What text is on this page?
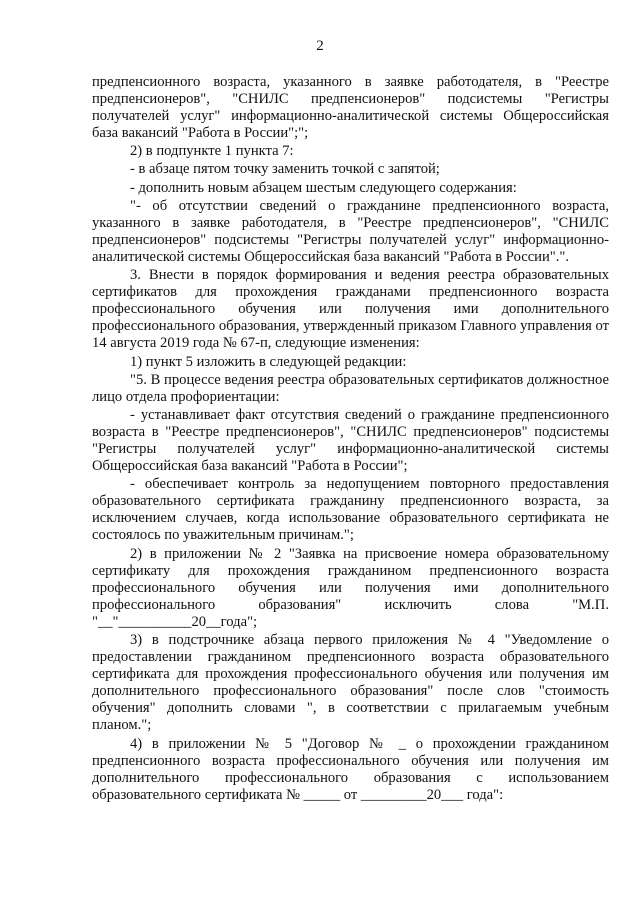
2

предпенсионного возраста, указанного в заявке работодателя, в "Реестре предпенсионеров", "СНИЛС предпенсионеров" подсистемы "Регистры получателей услуг" информационно-аналитической системы Общероссийская база вакансий "Работа в России";";

2) в подпункте 1 пункта 7:

- в абзаце пятом точку заменить точкой с запятой;

- дополнить новым абзацем шестым следующего содержания:

"- об отсутствии сведений о гражданине предпенсионного возраста, указанного в заявке работодателя, в "Реестре предпенсионеров", "СНИЛС предпенсионеров" подсистемы "Регистры получателей услуг" информационно-аналитической системы Общероссийская база вакансий "Работа в России".".

3. Внести в порядок формирования и ведения реестра образовательных сертификатов для прохождения гражданами предпенсионного возраста профессионального обучения или получения ими дополнительного профессионального образования, утвержденный приказом Главного управления от 14 августа 2019 года № 67-п, следующие изменения:

1) пункт 5 изложить в следующей редакции:

"5. В процессе ведения реестра образовательных сертификатов должностное лицо отдела профориентации:

- устанавливает факт отсутствия сведений о гражданине предпенсионного возраста в "Реестре предпенсионеров", "СНИЛС предпенсионеров" подсистемы "Регистры получателей услуг" информационно-аналитической системы Общероссийская база вакансий "Работа в России";

- обеспечивает контроль за недопущением повторного предоставления образовательного сертификата гражданину предпенсионного возраста, за исключением случаев, когда использование образовательного сертификата не состоялось по уважительным причинам.";

2) в приложении № 2 "Заявка на присвоение номера образовательному сертификату для прохождения гражданином предпенсионного возраста профессионального обучения или получения ими дополнительного профессионального образования" исключить слова "М.П. "__"__________20__года";

3) в подстрочнике абзаца первого приложения № 4 "Уведомление о предоставлении гражданином предпенсионного возраста образовательного сертификата для прохождения профессионального обучения или получения им дополнительного профессионального образования" после слов "стоимость обучения" дополнить словами ", в соответствии с прилагаемым учебным планом.";

4) в приложении № 5 "Договор № _ о прохождении гражданином предпенсионного возраста профессионального обучения или получения им дополнительного профессионального образования с использованием образовательного сертификата № _____ от _________20___ года":
